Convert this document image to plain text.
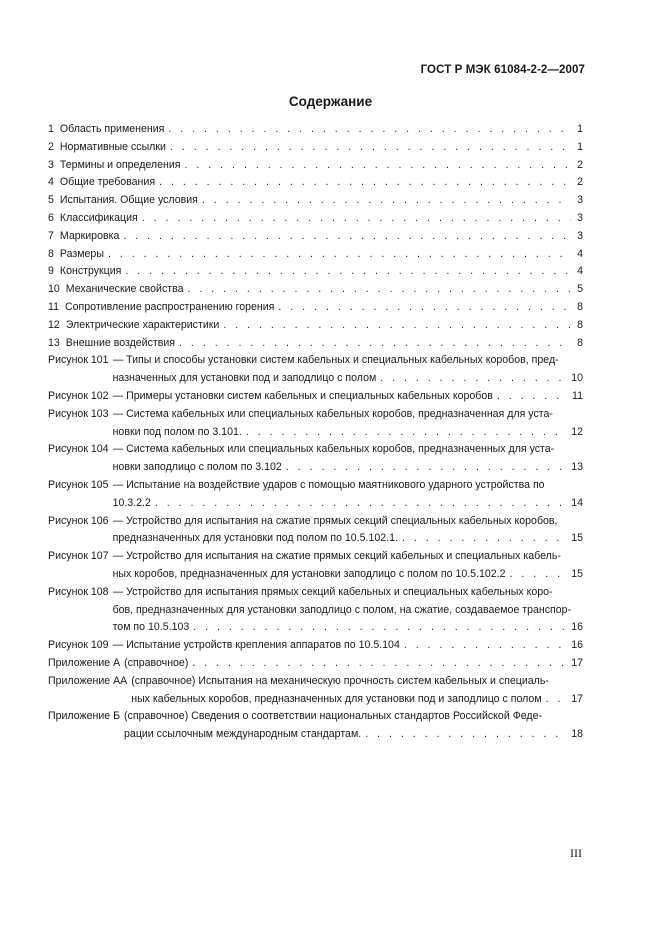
ГОСТ Р МЭК 61084-2-2—2007
Содержание
1 Область применения . . .	1
2 Нормативные ссылки . . .	1
3 Термины и определения . . .	2
4 Общие требования . . .	2
5 Испытания. Общие условия . . .	3
6 Классификация . . .	3
7 Маркировка . . .	3
8 Размеры . . .	4
9 Конструкция . . .	4
10 Механические свойства . . .	5
11 Сопротивление распространению горения . . .	8
12 Электрические характеристики . . .	8
13 Внешние воздействия . . .	8
Рисунок 101 — Типы и способы установки систем кабельных и специальных кабельных коробов, пред-
назначенных для установки под и заподлицо с полом . . .	10
Рисунок 102 — Примеры установки систем кабельных и специальных кабельных коробов . . .	11
Рисунок 103 — Система кабельных или специальных кабельных коробов, предназначенная для уста-
новки под полом по 3.101. . . .	12
Рисунок 104 — Система кабельных или специальных кабельных коробов, предназначенных для уста-
новки заподлицо с полом по 3.102 . . .	13
Рисунок 105 — Испытание на воздействие ударов с помощью маятникового ударного устройства по
10.3.2.2 . . .	14
Рисунок 106 — Устройство для испытания на сжатие прямых секций специальных кабельных коробов,
предназначенных для установки под полом по 10.5.102.1. . . .	15
Рисунок 107 — Устройство для испытания на сжатие прямых секций кабельных и специальных кабель-
ных коробов, предназначенных для установки заподлицо с полом по 10.5.102.2 . . .	15
Рисунок 108 — Устройство для испытания прямых секций кабельных и специальных кабельных коро-
бов, предназначенных для установки заподлицо с полом, на сжатие, создаваемое транспор-
том по 10.5.103 . . .	16
Рисунок 109 — Испытание устройств крепления аппаратов по 10.5.104 . . .	16
Приложение А (справочное) . . .	17
Приложение АА (справочное) Испытания на механическую прочность систем кабельных и специаль-
ных кабельных коробов, предназначенных для установки под и заподлицо с полом . . .	17
Приложение Б (справочное) Сведения о соответствии национальных стандартов Российской Феде-
рации ссылочным международным стандартам. . . .	18
III
